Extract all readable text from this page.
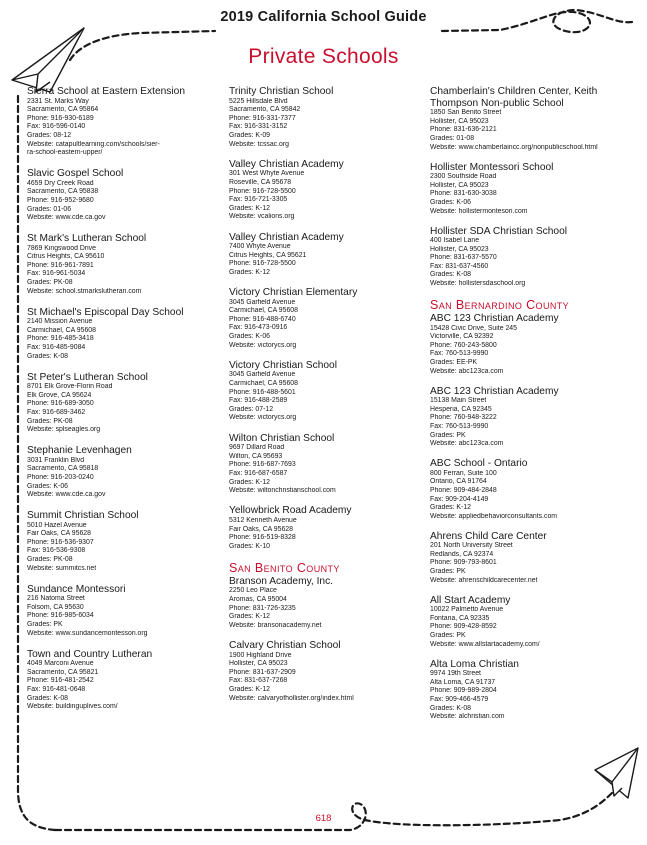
2019 California School Guide
Private Schools
Sierra School at Eastern Extension
2331 St. Marks Way
Sacramento, CA 95864
Phone: 916-930-6189
Fax: 916-596-0140
Grades: 08-12
Website: catapultlearning.com/schools/sier-
ra-school-eastern-upper/
Slavic Gospel School
4659 Dry Creek Road
Sacramento, CA 95838
Phone: 916-952-9680
Grades: 01-06
Website: www.cde.ca.gov
St Mark's Lutheran School
7869 Kingswood Drive
Citrus Heights, CA 95610
Phone: 916-961-7891
Fax: 916-961-5034
Grades: PK-08
Website: school.stmarkslutheran.com
St Michael's Episcopal Day School
2140 Mission Avenue
Carmichael, CA 95608
Phone: 916-485-3418
Fax: 916-485-9084
Grades: K-08
St Peter's Lutheran School
8701 Elk Grove-Florin Road
Elk Grove, CA 95624
Phone: 916-689-3050
Fax: 916-689-3462
Grades: PK-08
Website: splseagles.org
Stephanie Levenhagen
3031 Franklin Blvd
Sacramento, CA 95818
Phone: 916-203-0240
Grades: K-06
Website: www.cde.ca.gov
Summit Christian School
5010 Hazel Avenue
Fair Oaks, CA 95628
Phone: 916-536-9307
Fax: 916-536-9308
Grades: PK-08
Website: summitcs.net
Sundance Montessori
216 Natoma Street
Folsom, CA 95630
Phone: 916-985-6034
Grades: PK
Website: www.sundancemontessori.org
Town and Country Lutheran
4049 Marconi Avenue
Sacramento, CA 95821
Phone: 916-481-2542
Fax: 916-481-0648
Grades: K-08
Website: buildinguplives.com/
Trinity Christian School
5225 Hillsdale Blvd
Sacramento, CA 95842
Phone: 916-331-7377
Fax: 916-331-3152
Grades: K-09
Website: tcssac.org
Valley Christian Academy
301 West Whyte Avenue
Roseville, CA 95678
Phone: 916-728-5500
Fax: 916-721-3305
Grades: K-12
Website: vcalions.org
Valley Christian Academy
7400 Whyte Avenue
Citrus Heights, CA 95621
Phone: 916-728-5500
Grades: K-12
Victory Christian Elementary
3045 Garfield Avenue
Carmichael, CA 95608
Phone: 916-488-6740
Fax: 916-473-0916
Grades: K-06
Website: victorycs.org
Victory Christian School
3045 Garfield Avenue
Carmichael, CA 95608
Phone: 916-488-5601
Fax: 916-488-2589
Grades: 07-12
Website: victorycs.org
Wilton Christian School
9697 Dillard Road
Wilton, CA 95693
Phone: 916-687-7693
Fax: 916-687-6587
Grades: K-12
Website: wiltonchristianschool.com
Yellowbrick Road Academy
5312 Kenneth Avenue
Fair Oaks, CA 95628
Phone: 916-519-8328
Grades: K-10
San Benito County
Branson Academy, Inc.
2250 Leo Place
Aromas, CA 95004
Phone: 831-726-3235
Grades: K-12
Website: bransonacademy.net
Calvary Christian School
1900 Highland Drive
Hollister, CA 95023
Phone: 831-637-2909
Fax: 831-637-7268
Grades: K-12
Website: calvaryofhollister.org/index.html
Chamberlain's Children Center, Keith Thompson Non-public School
1850 San Benito Street
Hollister, CA 95023
Phone: 831-636-2121
Grades: 01-08
Website: www.chamberlaincc.org/nonpublicschool.html
Hollister Montessori School
2300 Southside Road
Hollister, CA 95023
Phone: 831-630-3038
Grades: K-06
Website: hollistermontesori.com
Hollister SDA Christian School
400 Isabel Lane
Hollister, CA 95023
Phone: 831-637-5570
Fax: 831-637-4560
Grades: K-08
Website: hollistersdaschool.org
San Bernardino County
ABC 123 Christian Academy
15428 Civic Drive, Suite 245
Victorville, CA 92392
Phone: 760-243-5800
Fax: 760-513-9990
Grades: EE-PK
Website: abc123ca.com
ABC 123 Christian Academy
15138 Main Street
Hesperia, CA 92345
Phone: 760-948-3222
Fax: 760-513-9990
Grades: PK
Website: abc123ca.com
ABC School - Ontario
800 Ferrari, Suite 100
Ontario, CA 91764
Phone: 909-484-2848
Fax: 909-204-4149
Grades: K-12
Website: appliedbehaviorconsultants.com
Ahrens Child Care Center
201 North University Street
Redlands, CA 92374
Phone: 909-793-8601
Grades: PK
Website: ahrenschildcarecenter.net
All Start Academy
10022 Palmetto Avenue
Fontana, CA 92335
Phone: 909-428-8592
Grades: PK
Website: www.allstartacademy.com/
Alta Loma Christian
9974 19th Street
Alta Loma, CA 91737
Phone: 909-989-2804
Fax: 909-466-4579
Grades: K-08
Website: alchristian.com
618
